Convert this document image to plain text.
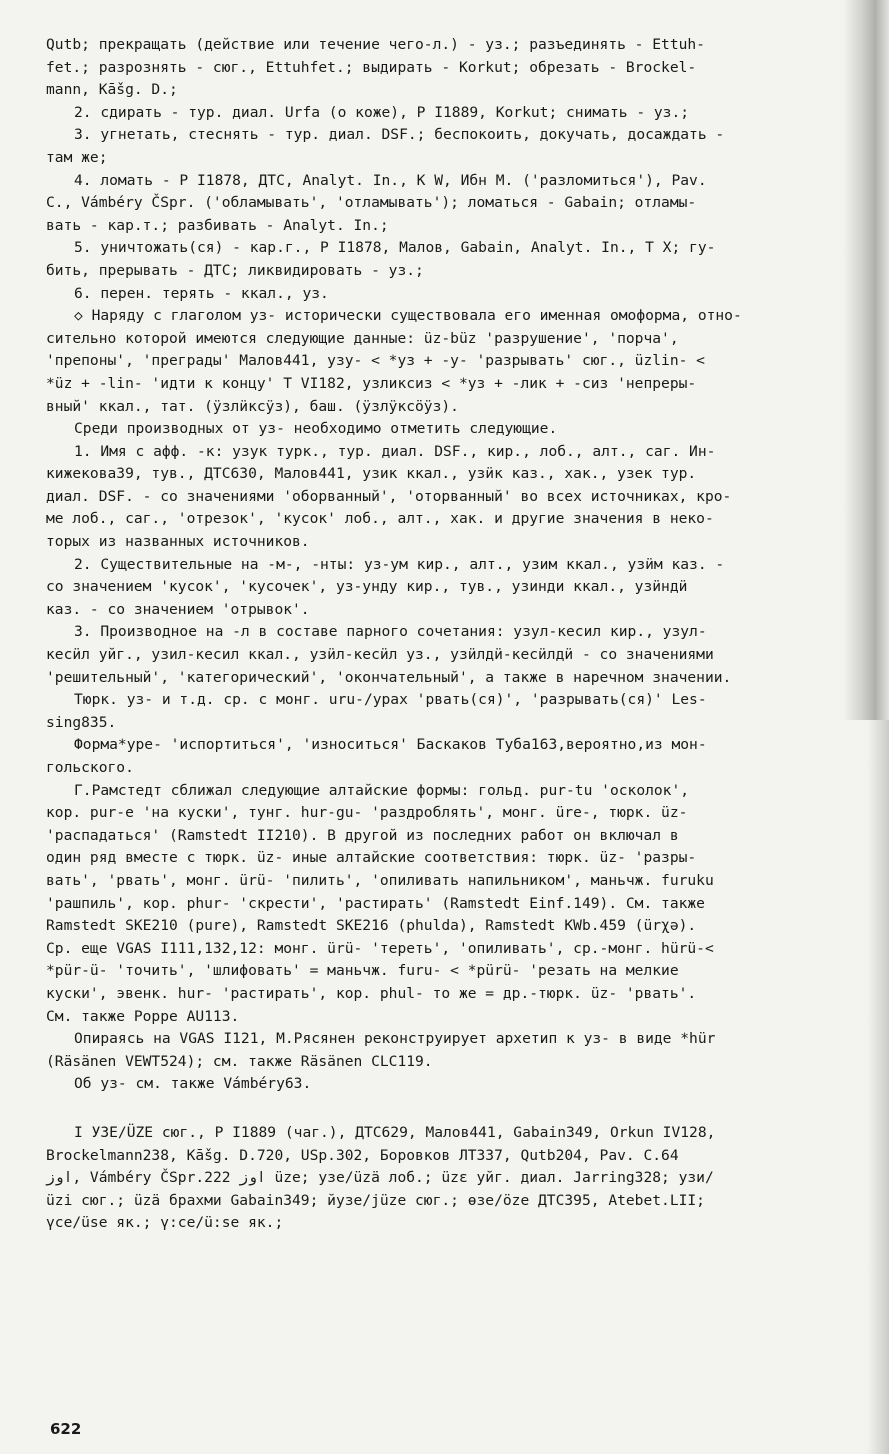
Qutb; прекращать (действие или течение чего-л.) - уз.; разъединять - Ettuh-
fet.; разрознять - сюг., Ettuhfet.; выдирать - Korkut; обрезать - Brockel-
mann, Kāšg. D.;
2. сдирать - тур. диал. Urfa (о коже), Р I1889, Korkut; снимать - уз.;
3. угнетать, стеснять - тур. диал. DSF.; беспокоить, докучать, досаждать -
там же;
4. ломать - Р I1878, ДТС, Analyt. In., K W, Ибн М. ('разломиться'), Pav.
C., Vámbéry ČSpr. ('обламывать', 'отламывать'); ломаться - Gabain; отламы-
вать - кар.т.; разбивать - Analyt. In.;
5. уничтожать(ся) - кар.г., Р I1878, Малов, Gabain, Analyt. In., T X; гу-
бить, прерывать - ДТС; ликвидировать - уз.;
6. перен. терять - ккал., уз.
◇ Наряду с глаголом уз- исторически существовала его именная омоформа, отно-
сительно которой имеются следующие данные: üz-büz 'разрушение', 'порча',
'препоны', 'преграды' Малов441, узу- < *уз + -у- 'разрывать' сюг., üzlin- <
*üz + -lin- 'идти к концу' T VI182, узликсиз < *уз + -лик + -сиз 'непреры-
вный' ккал., тат. (ӱзлӥксӱз), баш. (ӱзлӱксӧӱз).
Среди производных от уз- необходимо отметить следующие.
1. Имя с афф. -к: узук турк., тур. диал. DSF., кир., лоб., алт., саг. Ин-
кижекова39, тув., ДТС630, Малов441, узик ккал., узӥк каз., хак., узек тур.
диал. DSF. - со значениями 'оборванный', 'оторванный' во всех источниках, кро-
ме лоб., саг., 'отрезок', 'кусок' лоб., алт., хак. и другие значения в неко-
торых из названных источников.
2. Существительные на -м-, -нты: уз-ум кир., алт., узим ккал., узӥм каз. -
со значением 'кусок', 'кусочек', уз-унду кир., тув., узинди ккал., узӥндӥ
каз. - со значением 'отрывок'.
3. Производное на -л в составе парного сочетания: узул-кесил кир., узул-
кесӥл уйг., узил-кесил ккал., узӥл-кесӥл уз., узӥлдӥ-кесӥлдӥ - со значениями
'решительный', 'категорический', 'окончательный', а также в наречном значении.
Тюрк. уз- и т.д. ср. с монг. uru-/урах 'рвать(ся)', 'разрывать(ся)' Les-
sing835.
Форма*уре- 'испортиться', 'износиться' Баскаков Туба163,вероятно,из мон-
гольского.
Г.Рамстедт сближал следующие алтайские формы: гольд. pur-tu 'осколок',
кор. pur-e 'на куски', тунг. hur-gu- 'раздроблять', монг. üre-, тюрк. üz-
'распадаться' (Ramstedt II210). В другой из последних работ он включал в
один ряд вместе с тюрк. üz- иные алтайские соответствия: тюрк. üz- 'разры-
вать', 'рвать', монг. ürü- 'пилить', 'опиливать напильником', маньчж. furuku
'рашпиль', кор. phur- 'скрести', 'растирать' (Ramstedt Einf.149). См. также
Ramstedt SKE210 (pure), Ramstedt SKE216 (phulda), Ramstedt KWb.459 (ürχə).
Ср. еще VGAS I111,132,12: монг. ürü- 'тереть', 'опиливать', ср.-монг. hürü-<
*pür-ü- 'точить', 'шлифовать' = маньчж. furu- < *pürü- 'резать на мелкие
куски', эвенк. hur- 'растирать', кор. phul- то же = др.-тюрк. üz- 'рвать'.
См. также Poppe AU113.
Опираясь на VGAS I121, М.Рясянен реконструирует архетип к уз- в виде *hür
(Räsänen VEWT524); см. также Räsänen CLC119.
Об уз- см. также Vámbéry63.
I УЗЕ/ÜZE сюг., Р I1889 (чаг.), ДТС629, Малов441, Gabain349, Orkun IV128,
Brockelmann238, Kāšg. D.720, USp.302, Боровков ЛТ337, Qutb204, Pav. C.64
اوز, Vámbéry ČSpr.222 اوز üze; узе/üzä лоб.; üzɛ уйг. диал. Jarring328; узи/
üzi сюг.; üzä брахми Gabain349; йузе/jüze сюг.; өзе/öze ДТС395, Atebet.LII;
үсе/üse як.; ү:се/ü:se як.;
622
